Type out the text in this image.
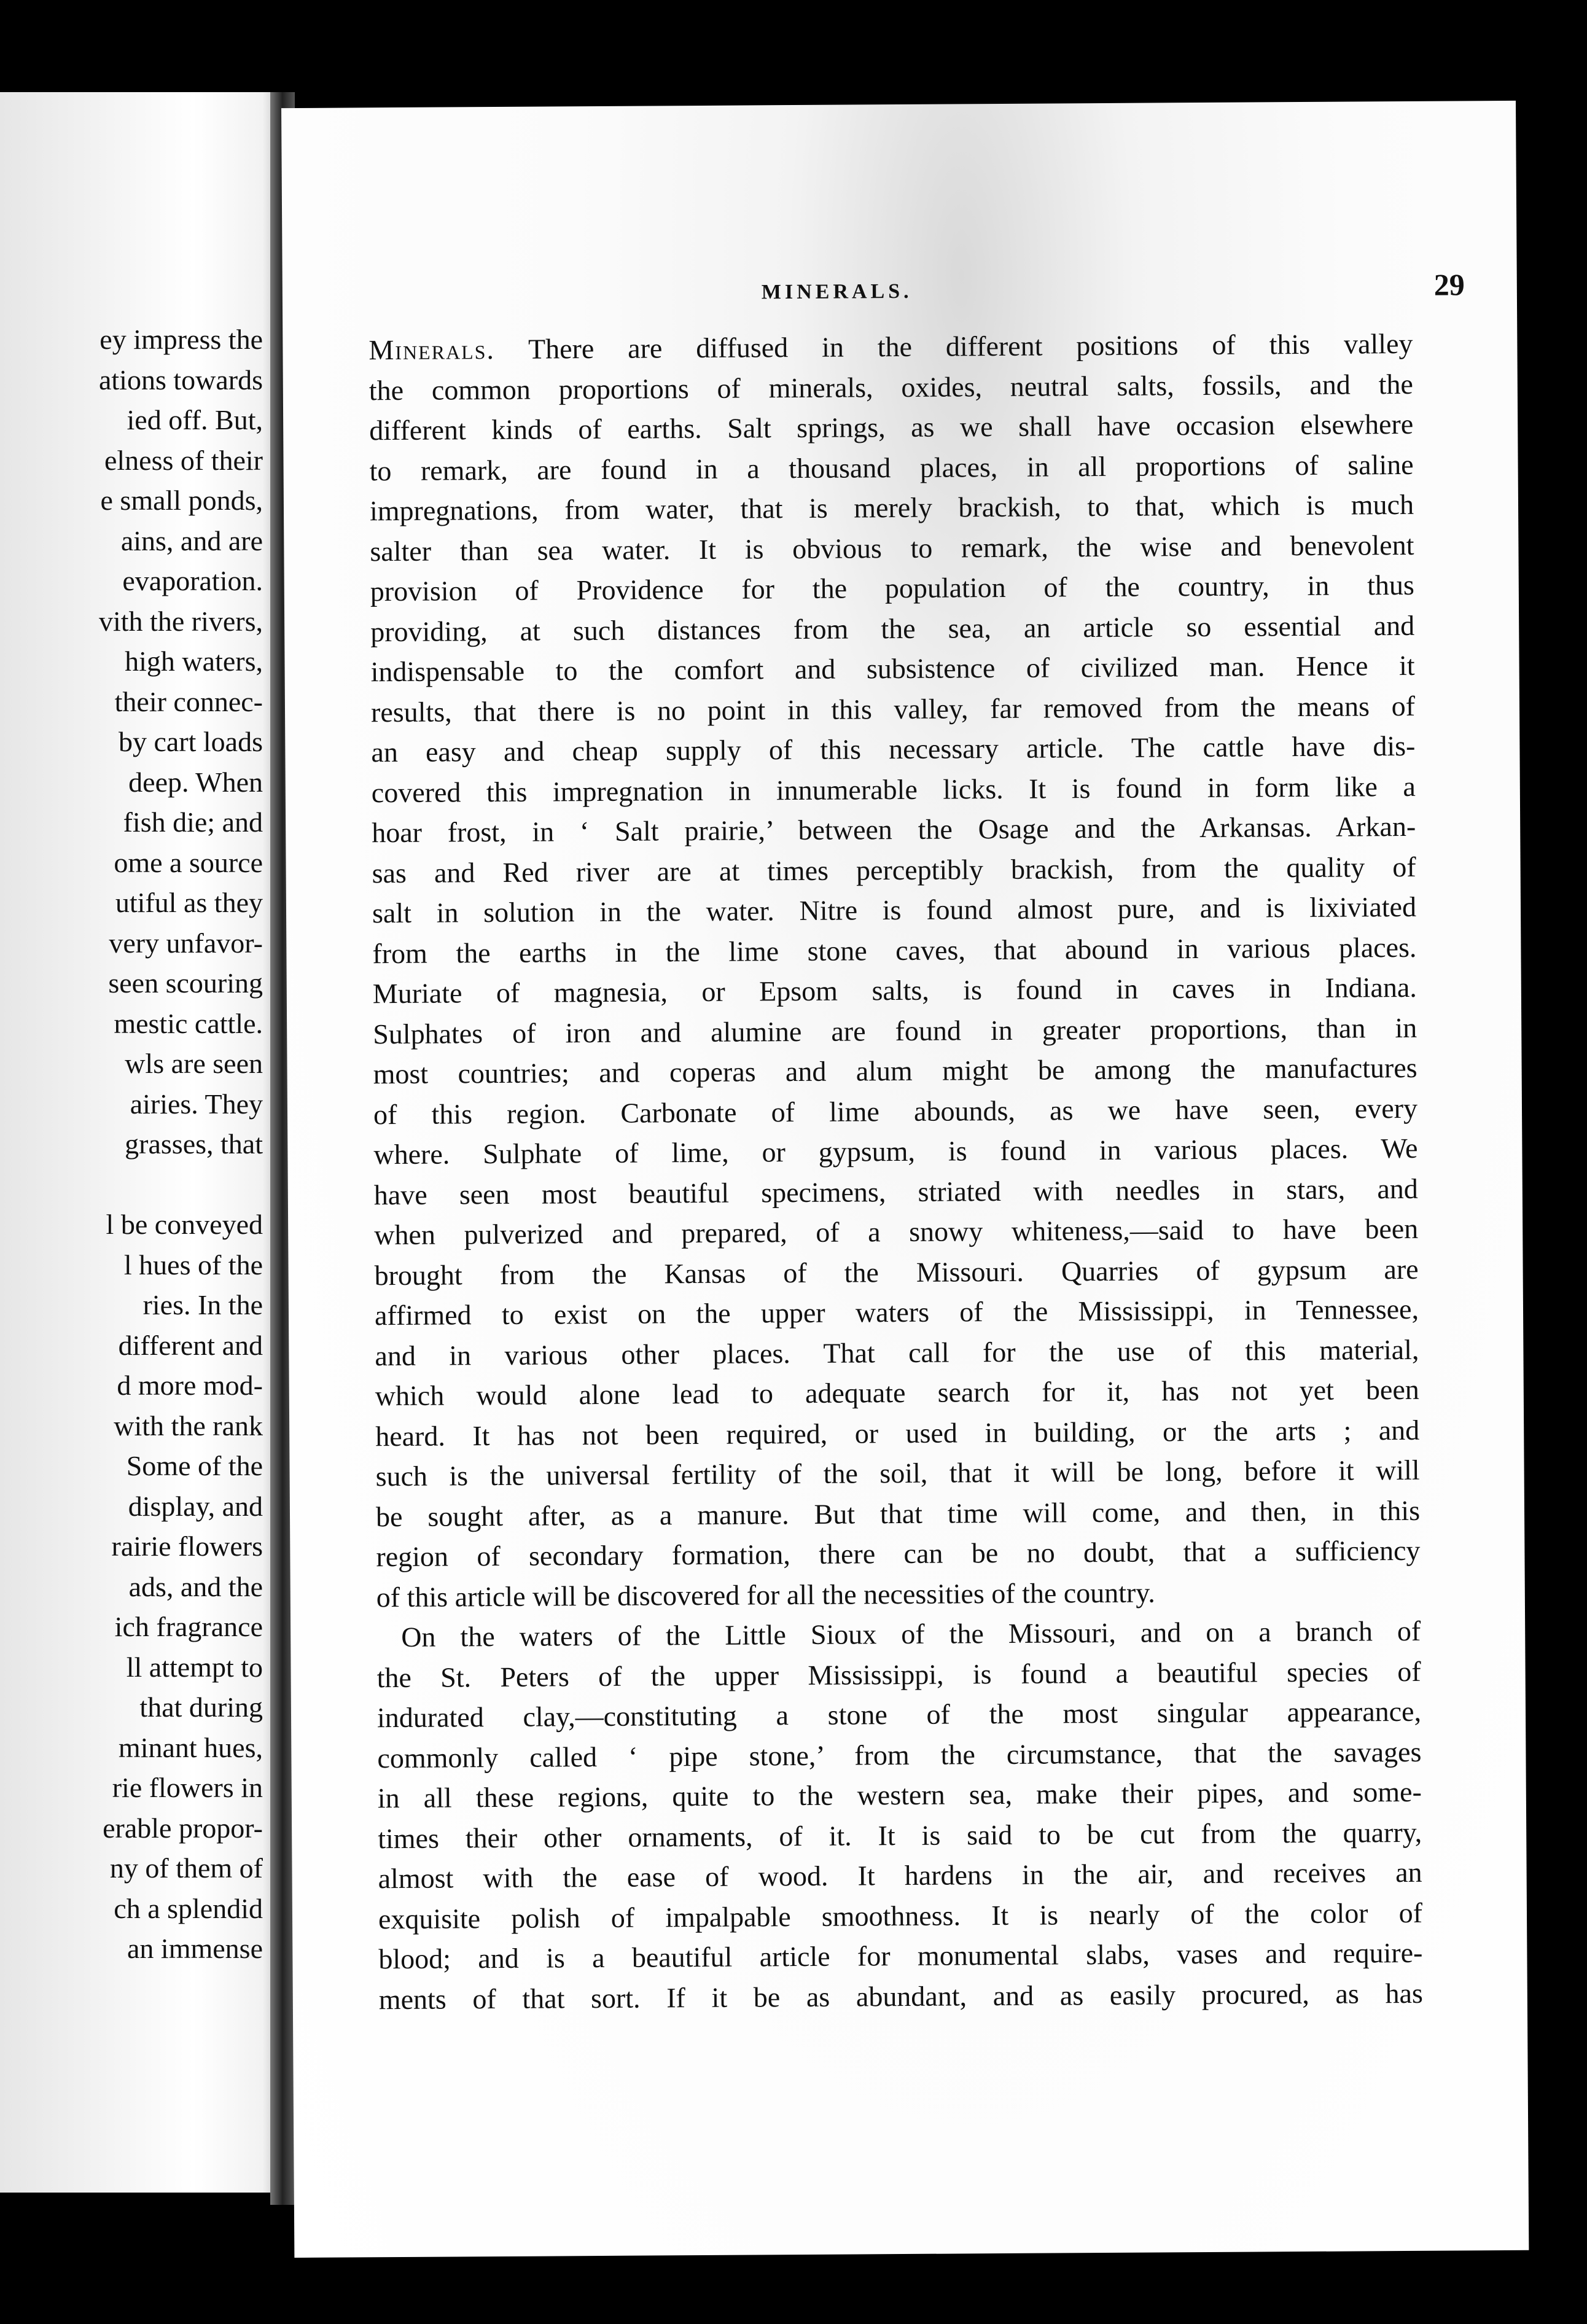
ey impress the
ations towards
ied off. But,
elness of their
e small ponds,
ains, and are
evaporation.
vith the rivers,
high waters,
their connec-
by cart loads
deep. When
fish die; and
ome a source
utiful as they
very unfavor-
seen scouring
mestic cattle.
wls are seen
airies. They
grasses, that
l be conveyed
l hues of the
ries. In the
different and
d more mod-
with the rank
Some of the
display, and
rairie flowers
ads, and the
ich fragrance
ll attempt to
that during
minant hues,
rie flowers in
erable propor-
ny of them of
ch a splendid
an immense
MINERALS.	29
Minerals. There are diffused in the different positions of this valley
the common proportions of minerals, oxides, neutral salts, fossils, and the
different kinds of earths. Salt springs, as we shall have occasion elsewhere
to remark, are found in a thousand places, in all proportions of saline
impregnations, from water, that is merely brackish, to that, which is much
salter than sea water. It is obvious to remark, the wise and benevolent
provision of Providence for the population of the country, in thus
providing, at such distances from the sea, an article so essential and
indispensable to the comfort and subsistence of civilized man. Hence it
results, that there is no point in this valley, far removed from the means of
an easy and cheap supply of this necessary article. The cattle have dis-
covered this impregnation in innumerable licks. It is found in form like a
hoar frost, in ‘ Salt prairie,’ between the Osage and the Arkansas. Arkan-
sas and Red river are at times perceptibly brackish, from the quality of
salt in solution in the water. Nitre is found almost pure, and is lixiviated
from the earths in the lime stone caves, that abound in various places.
Muriate of magnesia, or Epsom salts, is found in caves in Indiana.
Sulphates of iron and alumine are found in greater proportions, than in
most countries; and coperas and alum might be among the manufactures
of this region. Carbonate of lime abounds, as we have seen, every
where. Sulphate of lime, or gypsum, is found in various places. We
have seen most beautiful specimens, striated with needles in stars, and
when pulverized and prepared, of a snowy whiteness,—said to have been
brought from the Kansas of the Missouri. Quarries of gypsum are
affirmed to exist on the upper waters of the Mississippi, in Tennessee,
and in various other places. That call for the use of this material,
which would alone lead to adequate search for it, has not yet been
heard. It has not been required, or used in building, or the arts ; and
such is the universal fertility of the soil, that it will be long, before it will
be sought after, as a manure. But that time will come, and then, in this
region of secondary formation, there can be no doubt, that a sufficiency
of this article will be discovered for all the necessities of the country.
On the waters of the Little Sioux of the Missouri, and on a branch of
the St. Peters of the upper Mississippi, is found a beautiful species of
indurated clay,—constituting a stone of the most singular appearance,
commonly called ‘ pipe stone,’ from the circumstance, that the savages
in all these regions, quite to the western sea, make their pipes, and some-
times their other ornaments, of it. It is said to be cut from the quarry,
almost with the ease of wood. It hardens in the air, and receives an
exquisite polish of impalpable smoothness. It is nearly of the color of
blood; and is a beautiful article for monumental slabs, vases and require-
ments of that sort. If it be as abundant, and as easily procured, as has
